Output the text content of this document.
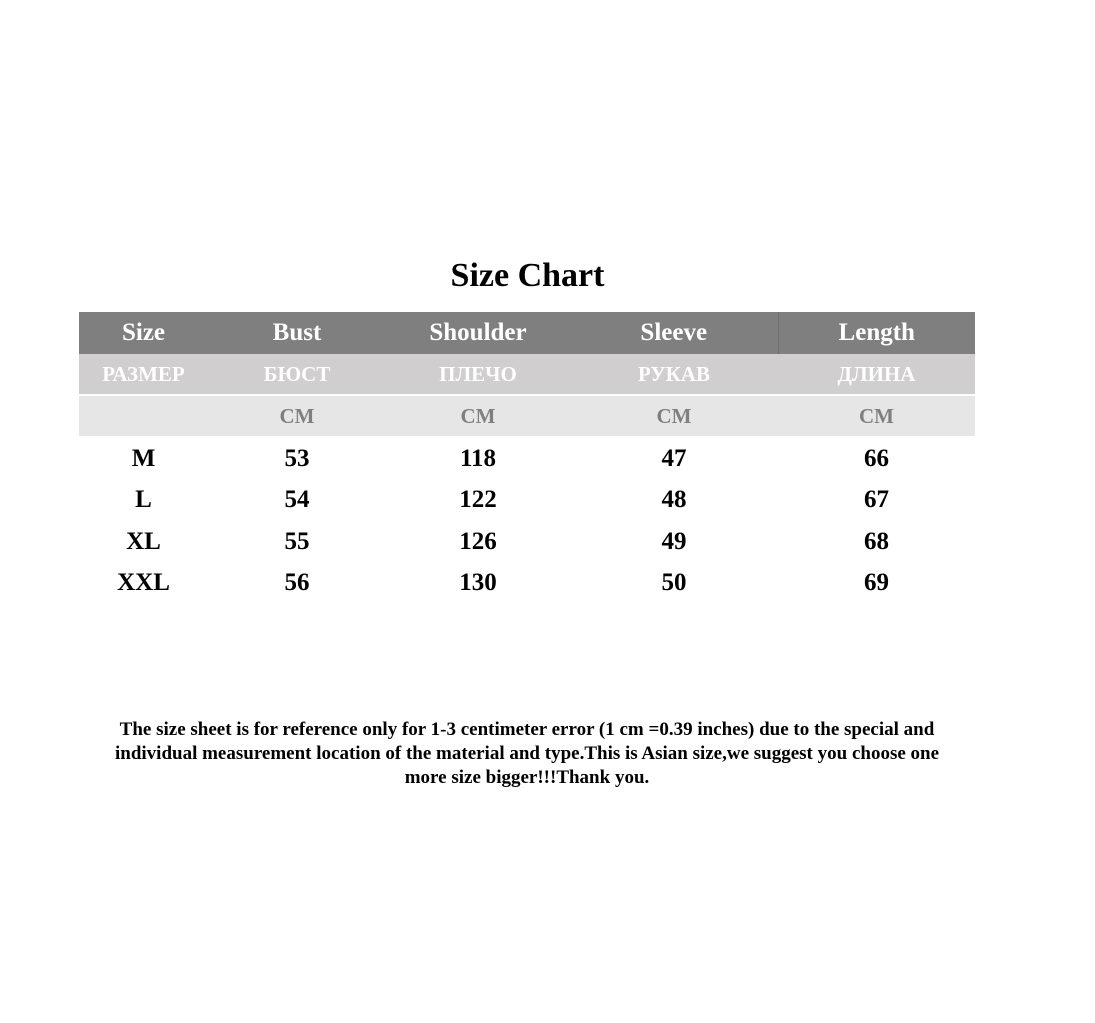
Size Chart
Size	Bust	Shoulder	Sleeve	Length
РАЗМЕР	БЮСТ	ПЛЕЧО	РУКАВ	ДЛИНА

	CM	CM	CM	CM
M	53	118	47	66
L	54	122	48	67
XL	55	126	49	68
XXL	56	130	50	69
The size sheet is for reference only for 1-3 centimeter error (1 cm =0.39 inches) due to the special and
individual measurement location of the material and type.This is Asian size,we suggest you choose one
more size bigger!!!Thank you.
